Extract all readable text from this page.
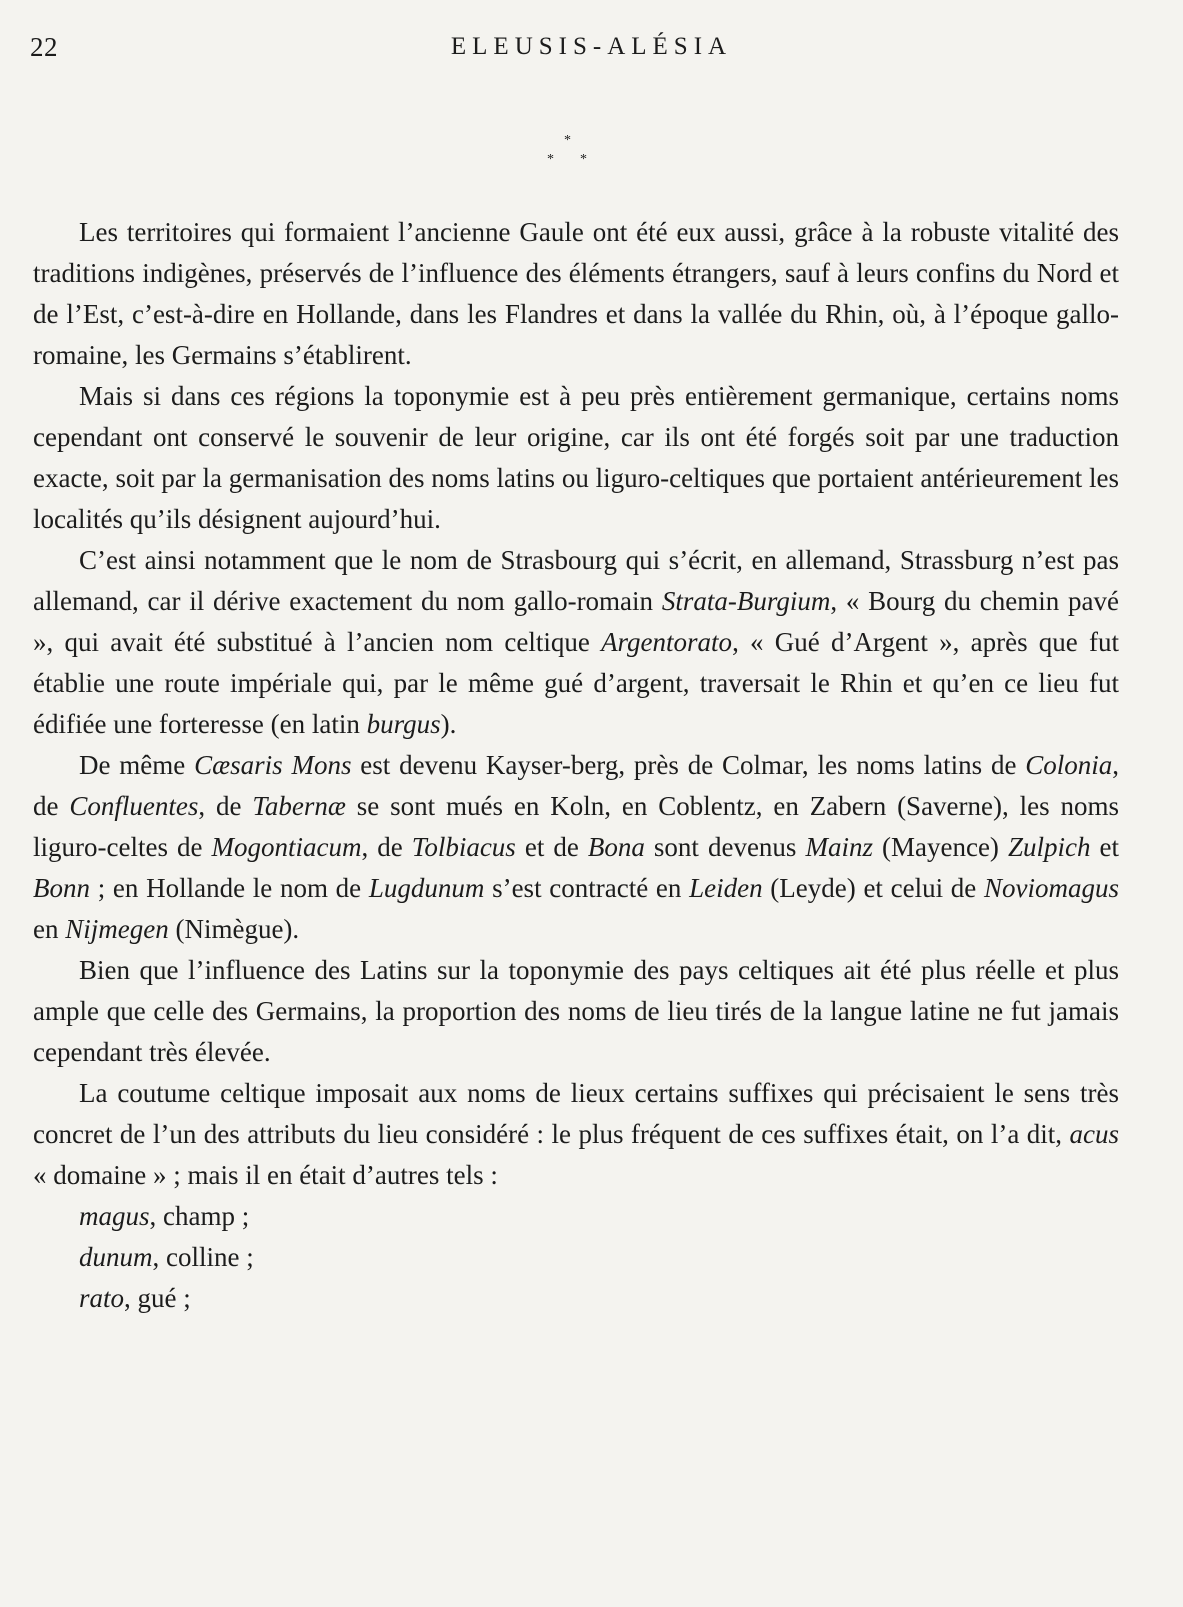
22	ELEUSIS-ALÉSIA
*
* *

Les territoires qui formaient l’ancienne Gaule ont été eux aussi, grâce à la robuste vitalité des traditions indigènes, préservés de l’influence des éléments étrangers, sauf à leurs confins du Nord et de l’Est, c’est-à-dire en Hollande, dans les Flandres et dans la vallée du Rhin, où, à l’époque gallo-romaine, les Germains s’établirent.

Mais si dans ces régions la toponymie est à peu près entièrement germanique, certains noms cependant ont conservé le souvenir de leur origine, car ils ont été forgés soit par une traduction exacte, soit par la germanisation des noms latins ou liguro-celtiques que portaient antérieurement les localités qu’ils désignent aujourd’hui.

C’est ainsi notamment que le nom de Strasbourg qui s’écrit, en allemand, Strassburg n’est pas allemand, car il dérive exactement du nom gallo-romain Strata-Burgium, « Bourg du chemin pavé », qui avait été substitué à l’ancien nom celtique Argentorato, « Gué d’Argent », après que fut établie une route impériale qui, par le même gué d’argent, traversait le Rhin et qu’en ce lieu fut édifiée une forteresse (en latin burgus).

De même Cæsaris Mons est devenu Kayser-berg, près de Colmar, les noms latins de Colonia, de Confluentes, de Tabernæ se sont mués en Koln, en Coblentz, en Zabern (Saverne), les noms liguro-celtes de Mogontiacum, de Tolbiacus et de Bona sont devenus Mainz (Mayence) Zulpich et Bonn ; en Hollande le nom de Lugdunum s’est contracté en Leiden (Leyde) et celui de Noviomagus en Nijmegen (Nimègue).

Bien que l’influence des Latins sur la toponymie des pays celtiques ait été plus réelle et plus ample que celle des Germains, la proportion des noms de lieu tirés de la langue latine ne fut jamais cependant très élevée.

La coutume celtique imposait aux noms de lieux certains suffixes qui précisaient le sens très concret de l’un des attributs du lieu considéré : le plus fréquent de ces suffixes était, on l’a dit, acus « domaine » ; mais il en était d’autres tels :

magus, champ ;
dunum, colline ;
rato, gué ;
